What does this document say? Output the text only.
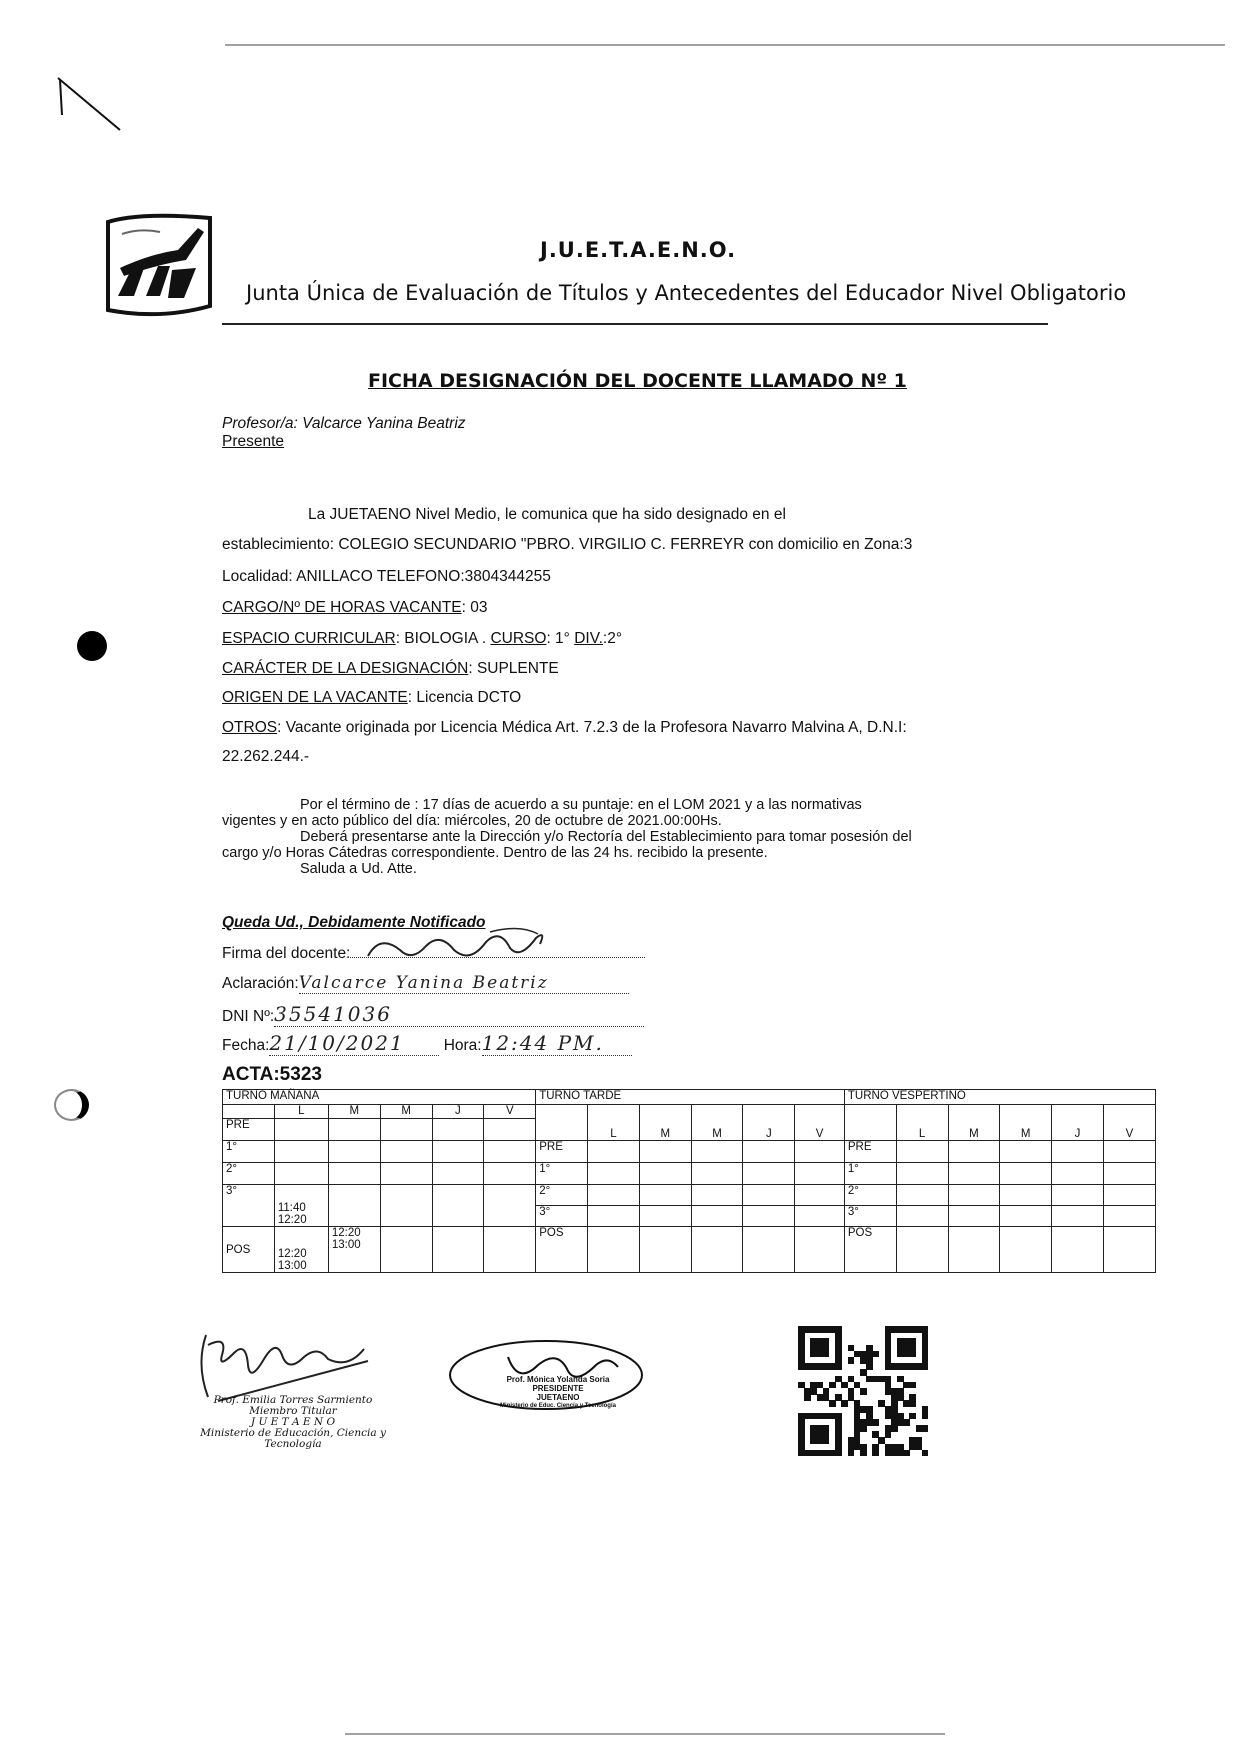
J.U.E.T.A.E.N.O.
Junta Única de Evaluación de Títulos y Antecedentes del Educador Nivel Obligatorio
FICHA DESIGNACIÓN DEL DOCENTE LLAMADO Nº 1
Profesor/a: Valcarce Yanina Beatriz
Presente
La JUETAENO Nivel Medio, le comunica que ha sido designado en el
establecimiento: COLEGIO SECUNDARIO "PBRO. VIRGILIO C. FERREYR con domicilio en Zona:3
Localidad: ANILLACO TELEFONO:3804344255
CARGO/Nº DE HORAS VACANTE: 03
ESPACIO CURRICULAR: BIOLOGIA . CURSO: 1° DIV.:2°
CARÁCTER DE LA DESIGNACIÓN: SUPLENTE
ORIGEN DE LA VACANTE: Licencia DCTO
OTROS: Vacante originada por Licencia Médica Art. 7.2.3 de la Profesora Navarro Malvina A, D.N.I:
22.262.244.-
Por el término de : 17 días de acuerdo a su puntaje: en el LOM 2021 y a las normativas
vigentes y en acto público del día: miércoles, 20 de octubre de 2021.00:00Hs.
Deberá presentarse ante la Dirección y/o Rectoría del Establecimiento para tomar posesión del
cargo y/o Horas Cátedras correspondiente. Dentro de las 24 hs. recibido la presente.
Saluda a Ud. Atte.
Queda Ud., Debidamente Notificado
Firma del docente:
Aclaración:Valcarce Yanina Beatriz
DNI Nº:35541036
Fecha:21/10/2021	Hora:12:44 PM.
ACTA:5323
TURNO MAÑANA						TURNO TARDE						TURNO VESPERTINO					
	L	M	M	J	V		L	M	M	J	V		L	M	M	J	V
PRE																	
1°						PRE						PRE					
2°						1°						1°					
3°	11:40 12:20					2°						2°					
						3°						3°					
POS	12:20 13:00	12:20 13:00				POS						POS					
Prof. Emilia Torres Sarmiento
Miembro Titular
J U E T A E N O
Ministerio de Educación, Ciencia y Tecnología
Prof. Mónica Yolanda Soria
PRESIDENTE
JUETAENO
Ministerio de Educ. Ciencia y Tecnología
